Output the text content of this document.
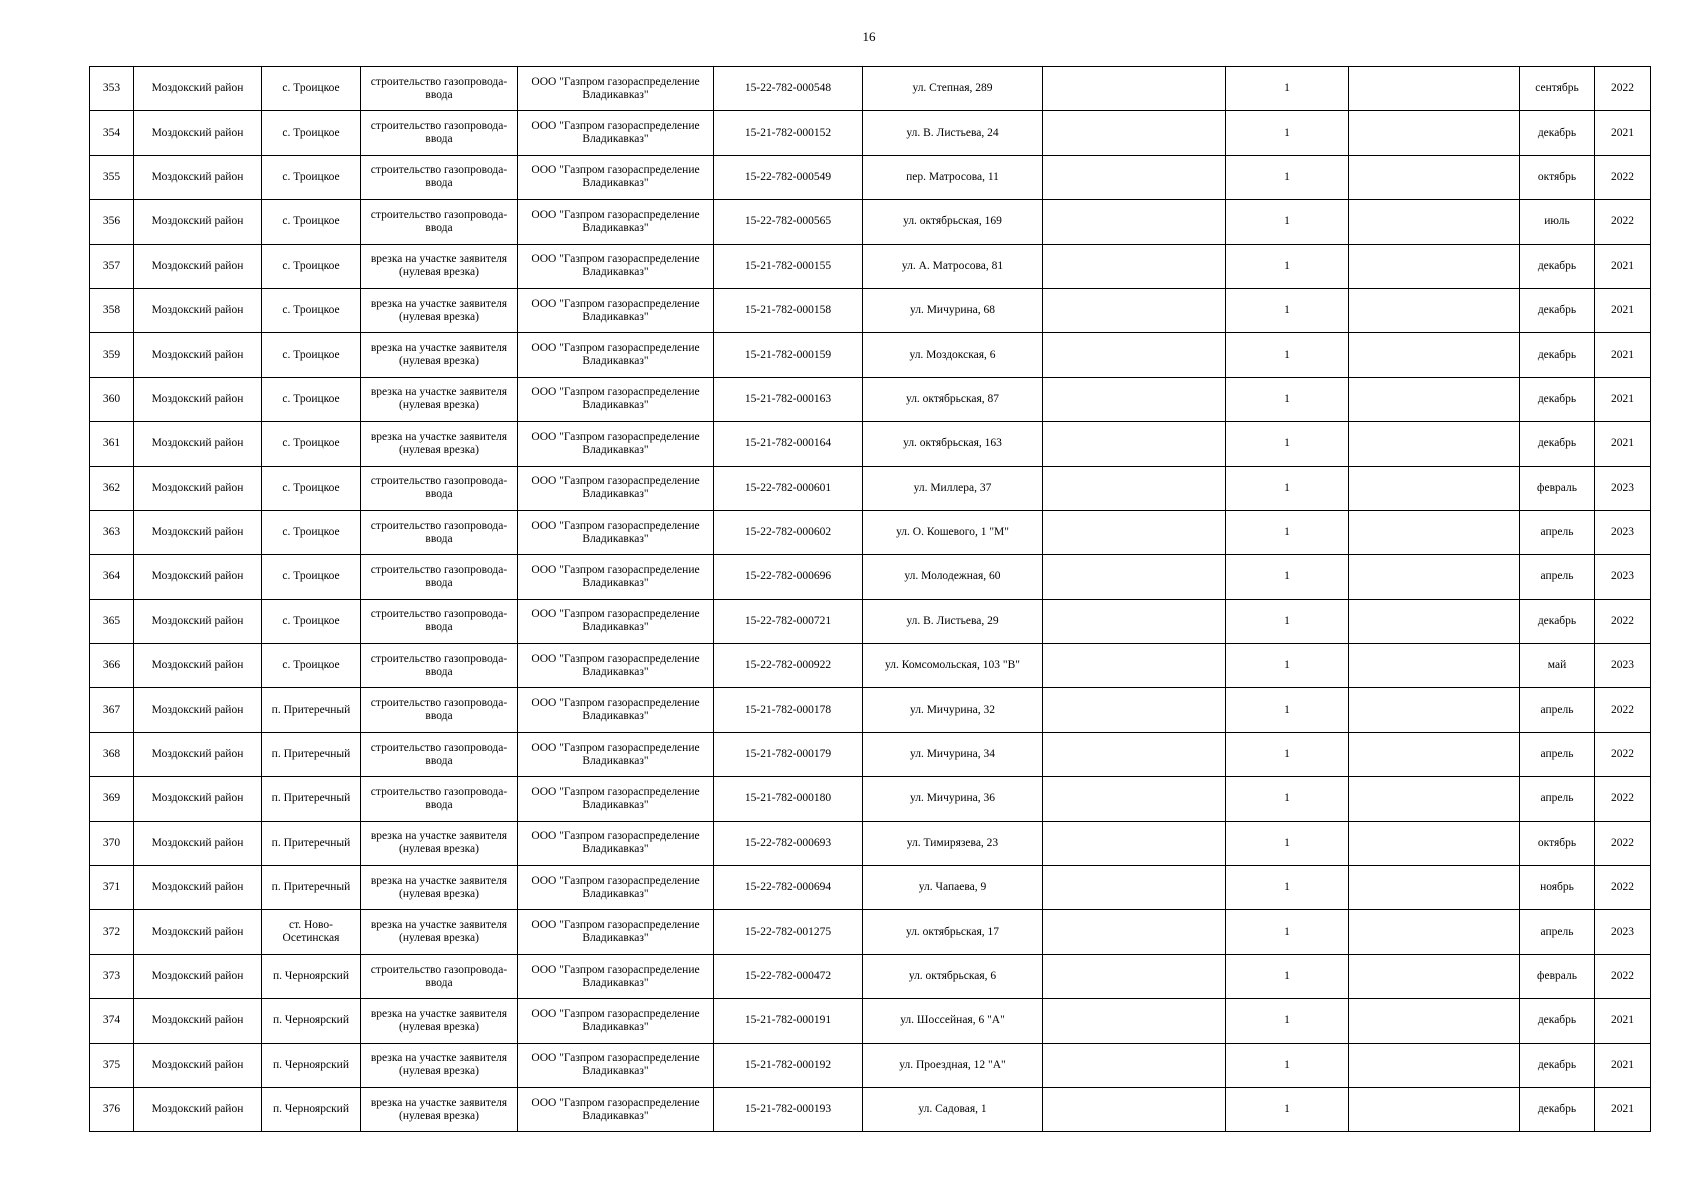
16
353	Моздокский район	с. Троицкое	строительство газопровода-ввода	ООО "Газпром газораспределение Владикавказ"	15-22-782-000548	ул. Степная, 289		1		сентябрь	2022
354	Моздокский район	с. Троицкое	строительство газопровода-ввода	ООО "Газпром газораспределение Владикавказ"	15-21-782-000152	ул. В. Листьева, 24		1		декабрь	2021
355	Моздокский район	с. Троицкое	строительство газопровода-ввода	ООО "Газпром газораспределение Владикавказ"	15-22-782-000549	пер. Матросова, 11		1		октябрь	2022
356	Моздокский район	с. Троицкое	строительство газопровода-ввода	ООО "Газпром газораспределение Владикавказ"	15-22-782-000565	ул. октябрьская, 169		1		июль	2022
357	Моздокский район	с. Троицкое	врезка на участке заявителя (нулевая врезка)	ООО "Газпром газораспределение Владикавказ"	15-21-782-000155	ул. А. Матросова, 81		1		декабрь	2021
358	Моздокский район	с. Троицкое	врезка на участке заявителя (нулевая врезка)	ООО "Газпром газораспределение Владикавказ"	15-21-782-000158	ул. Мичурина, 68		1		декабрь	2021
359	Моздокский район	с. Троицкое	врезка на участке заявителя (нулевая врезка)	ООО "Газпром газораспределение Владикавказ"	15-21-782-000159	ул. Моздокская, 6		1		декабрь	2021
360	Моздокский район	с. Троицкое	врезка на участке заявителя (нулевая врезка)	ООО "Газпром газораспределение Владикавказ"	15-21-782-000163	ул. октябрьская, 87		1		декабрь	2021
361	Моздокский район	с. Троицкое	врезка на участке заявителя (нулевая врезка)	ООО "Газпром газораспределение Владикавказ"	15-21-782-000164	ул. октябрьская, 163		1		декабрь	2021
362	Моздокский район	с. Троицкое	строительство газопровода-ввода	ООО "Газпром газораспределение Владикавказ"	15-22-782-000601	ул. Миллера, 37		1		февраль	2023
363	Моздокский район	с. Троицкое	строительство газопровода-ввода	ООО "Газпром газораспределение Владикавказ"	15-22-782-000602	ул. О. Кошевого, 1 "М"		1		апрель	2023
364	Моздокский район	с. Троицкое	строительство газопровода-ввода	ООО "Газпром газораспределение Владикавказ"	15-22-782-000696	ул. Молодежная, 60		1		апрель	2023
365	Моздокский район	с. Троицкое	строительство газопровода-ввода	ООО "Газпром газораспределение Владикавказ"	15-22-782-000721	ул. В. Листьева, 29		1		декабрь	2022
366	Моздокский район	с. Троицкое	строительство газопровода-ввода	ООО "Газпром газораспределение Владикавказ"	15-22-782-000922	ул. Комсомольская, 103 "В"		1		май	2023
367	Моздокский район	п. Притеречный	строительство газопровода-ввода	ООО "Газпром газораспределение Владикавказ"	15-21-782-000178	ул. Мичурина, 32		1		апрель	2022
368	Моздокский район	п. Притеречный	строительство газопровода-ввода	ООО "Газпром газораспределение Владикавказ"	15-21-782-000179	ул. Мичурина, 34		1		апрель	2022
369	Моздокский район	п. Притеречный	строительство газопровода-ввода	ООО "Газпром газораспределение Владикавказ"	15-21-782-000180	ул. Мичурина, 36		1		апрель	2022
370	Моздокский район	п. Притеречный	врезка на участке заявителя (нулевая врезка)	ООО "Газпром газораспределение Владикавказ"	15-22-782-000693	ул. Тимирязева, 23		1		октябрь	2022
371	Моздокский район	п. Притеречный	врезка на участке заявителя (нулевая врезка)	ООО "Газпром газораспределение Владикавказ"	15-22-782-000694	ул. Чапаева, 9		1		ноябрь	2022
372	Моздокский район	ст. Ново-Осетинская	врезка на участке заявителя (нулевая врезка)	ООО "Газпром газораспределение Владикавказ"	15-22-782-001275	ул. октябрьская, 17		1		апрель	2023
373	Моздокский район	п. Черноярский	строительство газопровода-ввода	ООО "Газпром газораспределение Владикавказ"	15-22-782-000472	ул. октябрьская, 6		1		февраль	2022
374	Моздокский район	п. Черноярский	врезка на участке заявителя (нулевая врезка)	ООО "Газпром газораспределение Владикавказ"	15-21-782-000191	ул. Шоссейная, 6 "А"		1		декабрь	2021
375	Моздокский район	п. Черноярский	врезка на участке заявителя (нулевая врезка)	ООО "Газпром газораспределение Владикавказ"	15-21-782-000192	ул. Проездная, 12 "А"		1		декабрь	2021
376	Моздокский район	п. Черноярский	врезка на участке заявителя (нулевая врезка)	ООО "Газпром газораспределение Владикавказ"	15-21-782-000193	ул. Садовая, 1		1		декабрь	2021
